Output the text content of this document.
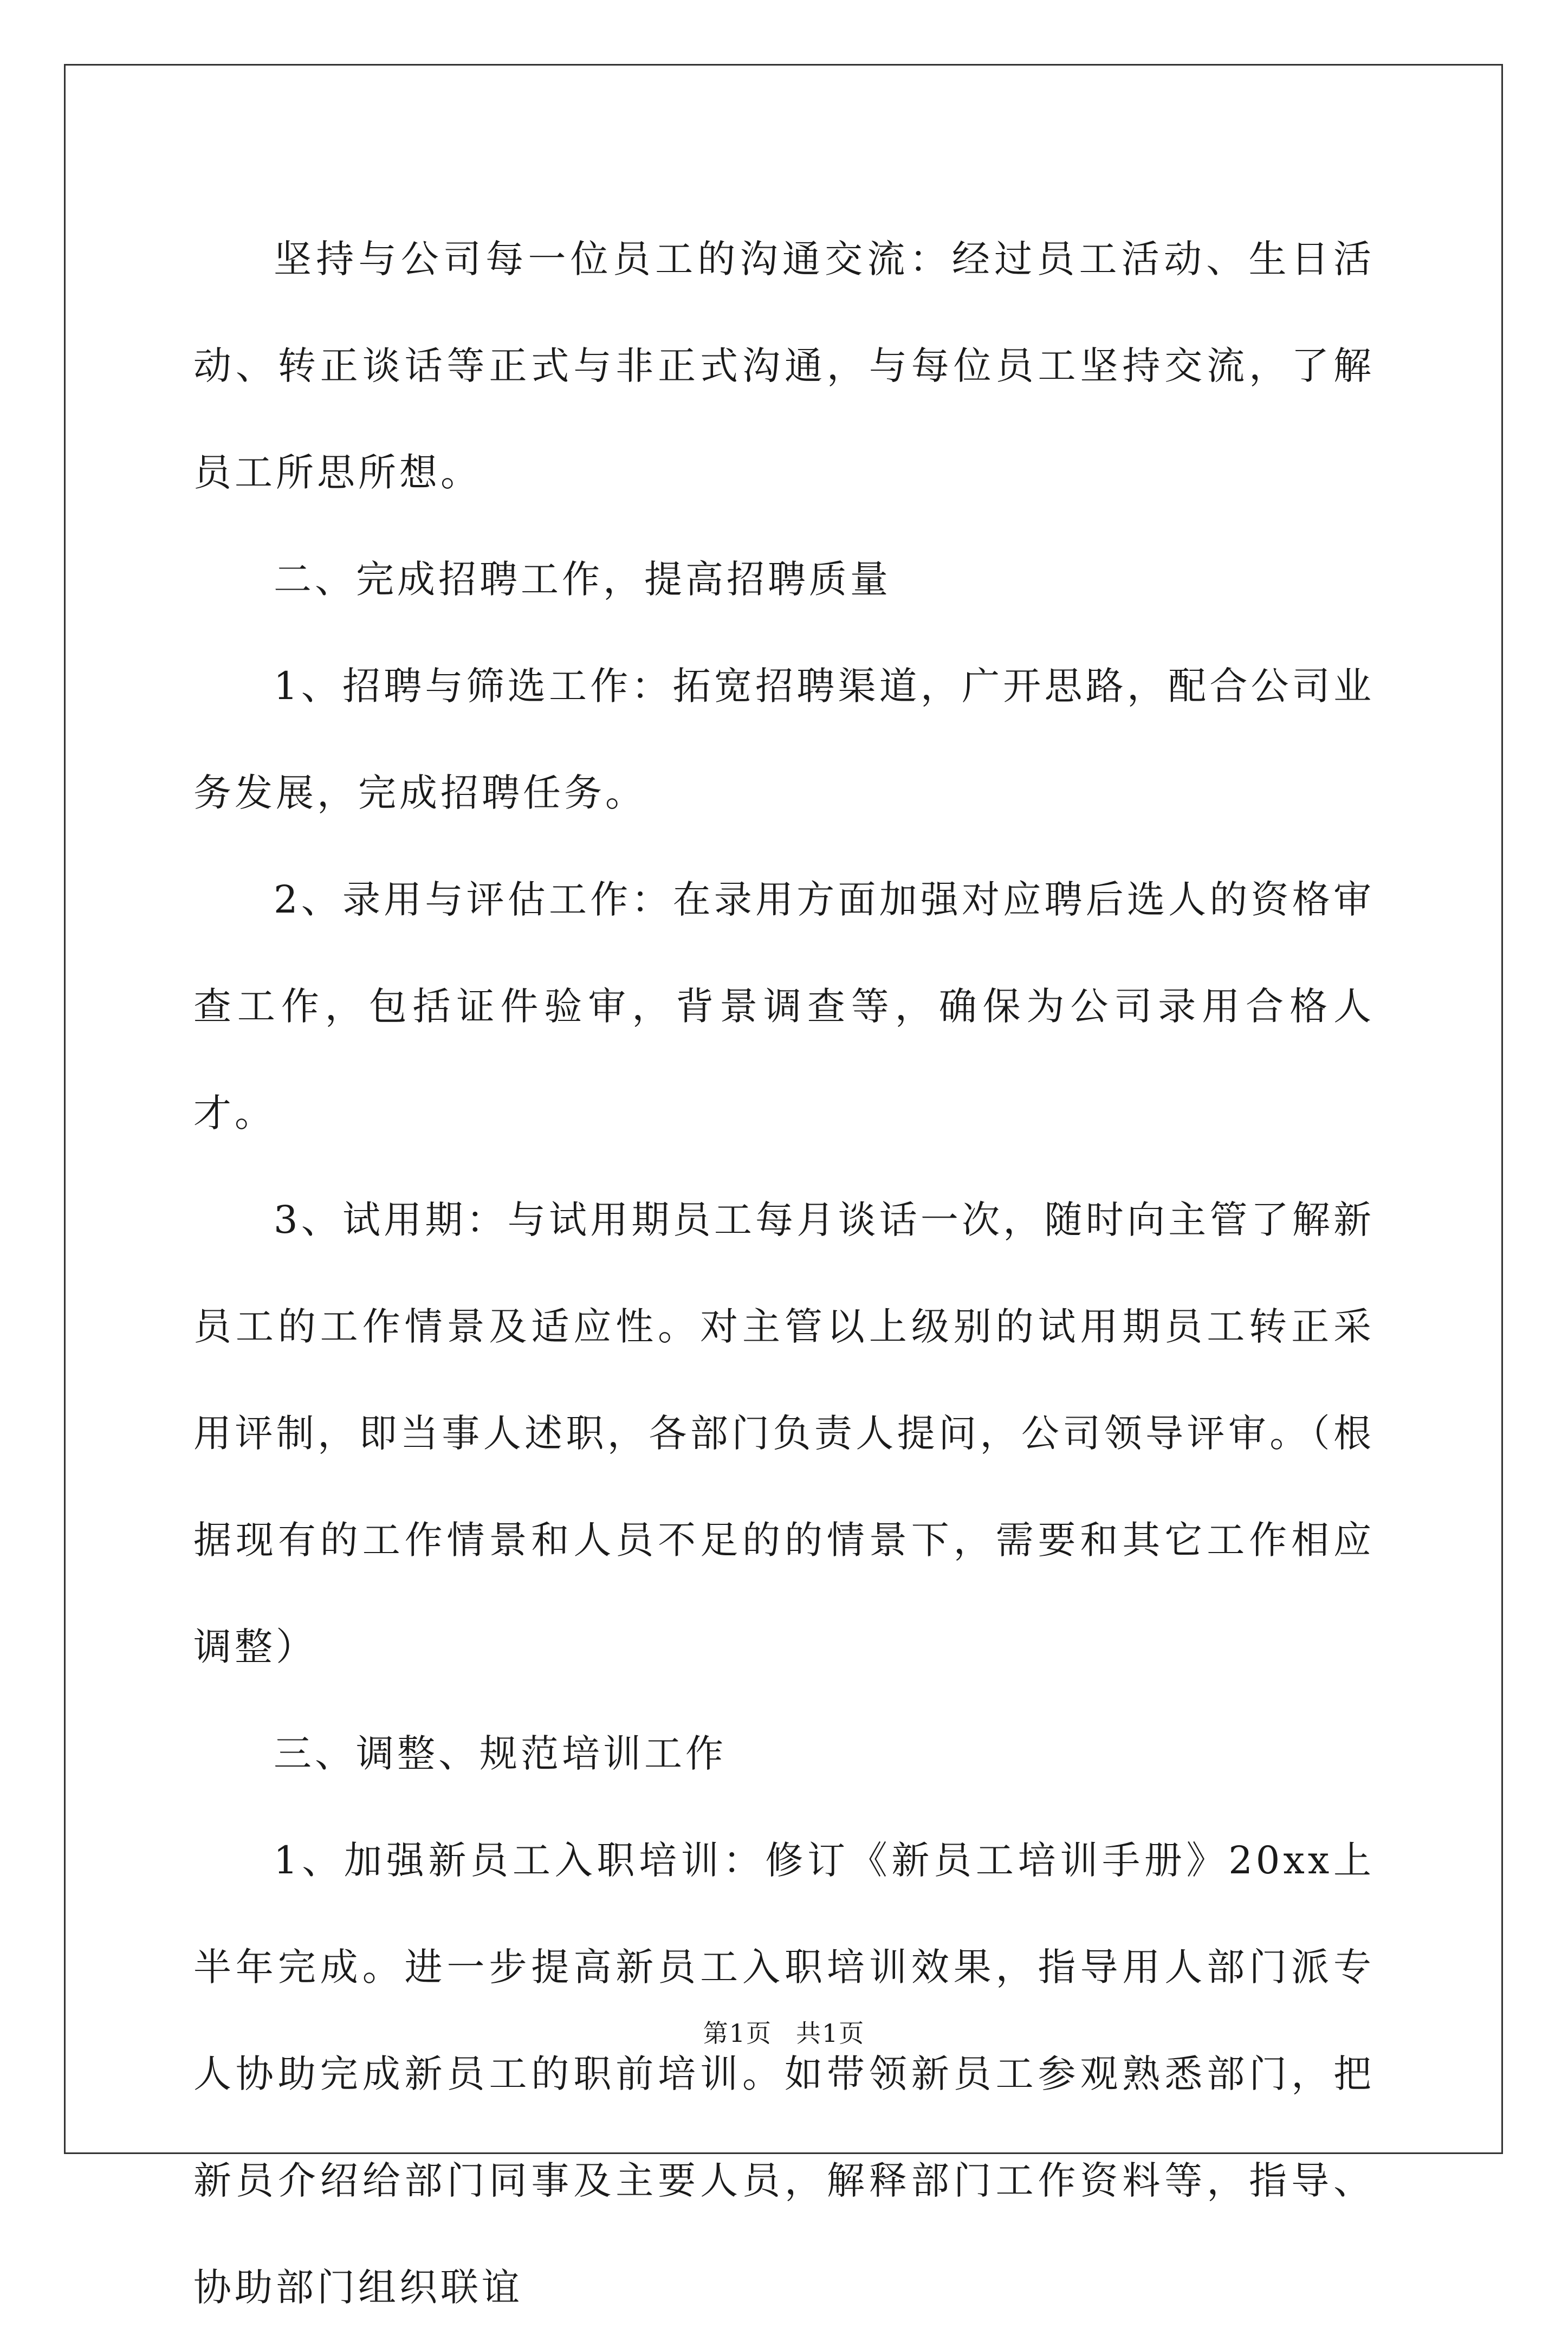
坚持与公司每一位员工的沟通交流：经过员工活动、生日活动、转正谈话等正式与非正式沟通，与每位员工坚持交流，了解员工所思所想。

二、完成招聘工作，提高招聘质量

1、招聘与筛选工作：拓宽招聘渠道，广开思路，配合公司业务发展，完成招聘任务。

2、录用与评估工作：在录用方面加强对应聘后选人的资格审查工作，包括证件验审，背景调查等，确保为公司录用合格人才。

3、试用期：与试用期员工每月谈话一次，随时向主管了解新员工的工作情景及适应性。对主管以上级别的试用期员工转正采用评制，即当事人述职，各部门负责人提问，公司领导评审。（根据现有的工作情景和人员不足的的情景下，需要和其它工作相应调整）

三、调整、规范培训工作

1、加强新员工入职培训：修订《新员工培训手册》20xx上半年完成。进一步提高新员工入职培训效果，指导用人部门派专人协助完成新员工的职前培训。如带领新员工参观熟悉部门，把新员介绍给部门同事及主要人员，解释部门工作资料等，指导、协助部门组织联谊

第1页 共1页
